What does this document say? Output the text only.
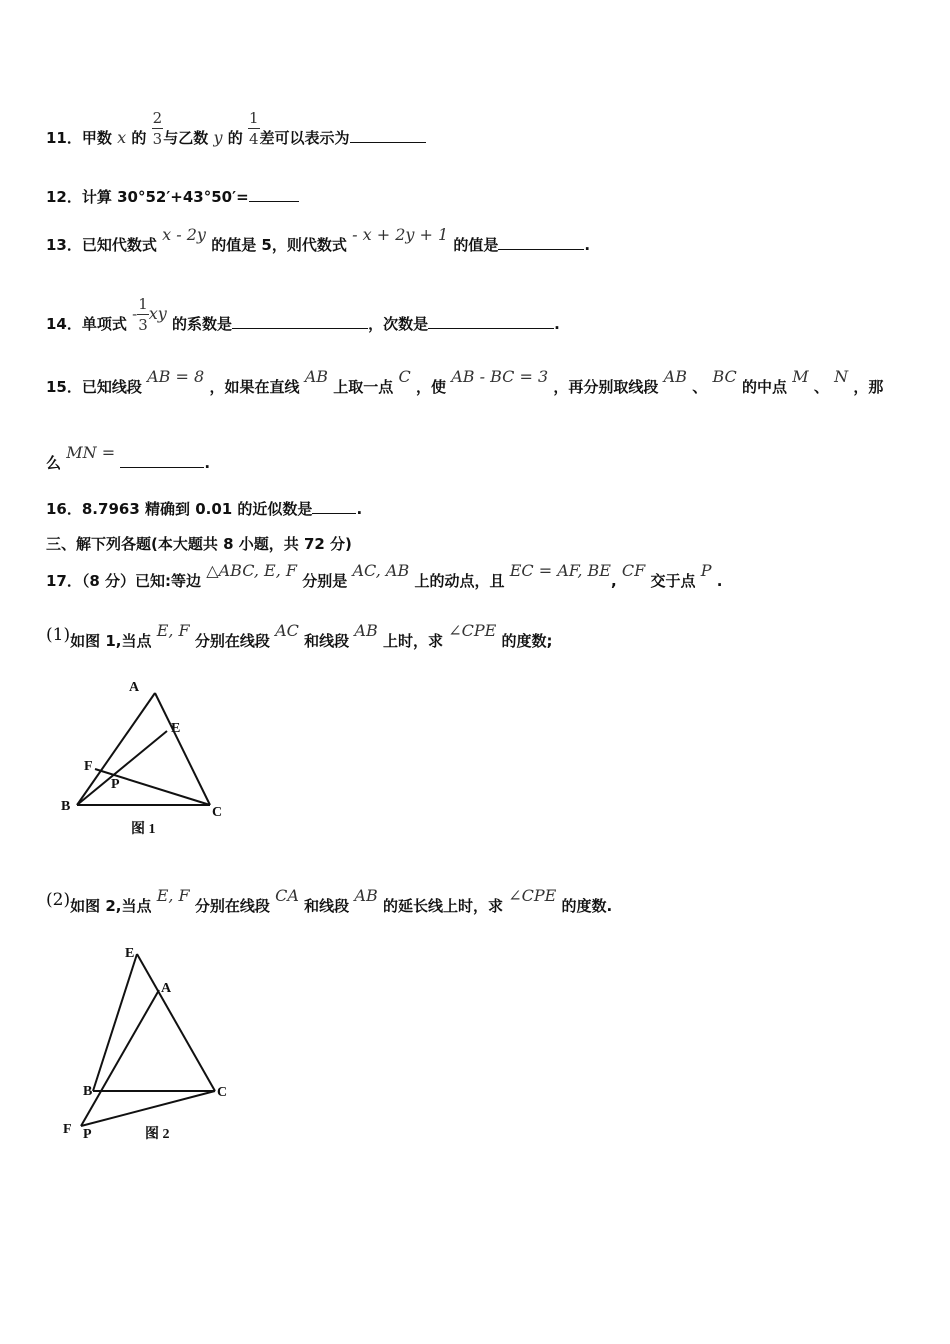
11．甲数 x 的 $\frac{2}{3}$ 与乙数 y 的 $\frac{1}{4}$ 差可以表示为
12．计算 30°52′+43°50′=
13．已知代数式 x - 2y 的值是 5，则代数式 - x + 2y + 1 的值是	.
14．单项式 - $\frac{1}{3}$ xy 的系数是	，次数是	.
15．已知线段 AB = 8 ，如果在直线 AB 上取一点 C ，使 AB - BC = 3 ，再分别取线段 AB 、 BC 的中点 M 、 N ，那
么 MN = .
16．8.7963 精确到 0.01 的近似数是	.
三、解下列各题(本大题共 8 小题，共 72 分)
17．（8 分）已知:等边 △ABC, E, F 分别是 AC, AB 上的动点，且 EC = AF, BE, CF 交于点 P .
(1)如图 1,当点 E, F 分别在线段 AC 和线段 AB 上时，求 ∠CPE 的度数;
A
E
F
P
B	C
图 1
(2)如图 2,当点 E, F 分别在线段 CA 和线段 AB 的延长线上时，求 ∠CPE 的度数.
E
A
B	C
F P	图 2
